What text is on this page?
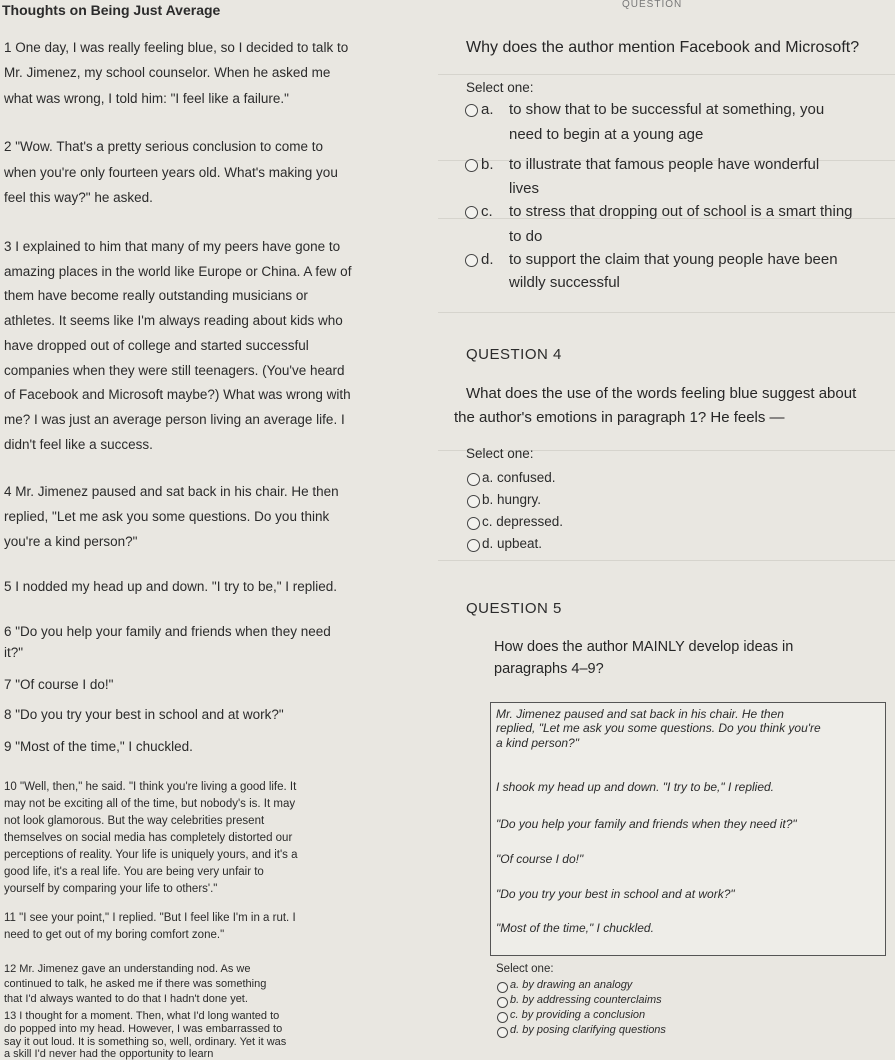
Thoughts on Being Just Average	QUESTION
1 One day, I was really feeling blue, so I decided to talk to
Mr. Jimenez, my school counselor. When he asked me
what was wrong, I told him: "I feel like a failure."
2 "Wow. That's a pretty serious conclusion to come to
when you're only fourteen years old. What's making you
feel this way?" he asked.
3 I explained to him that many of my peers have gone to
amazing places in the world like Europe or China. A few of
them have become really outstanding musicians or
athletes. It seems like I'm always reading about kids who
have dropped out of college and started successful
companies when they were still teenagers. (You've heard
of Facebook and Microsoft maybe?) What was wrong with
me? I was just an average person living an average life. I
didn't feel like a success.
4 Mr. Jimenez paused and sat back in his chair. He then
replied, "Let me ask you some questions. Do you think
you're a kind person?"
5 I nodded my head up and down. "I try to be," I replied.
6 "Do you help your family and friends when they need
it?"
7 "Of course I do!"
8 "Do you try your best in school and at work?"
9 "Most of the time," I chuckled.
10 "Well, then," he said. "I think you're living a good life. It
may not be exciting all of the time, but nobody's is. It may
not look glamorous. But the way celebrities present
themselves on social media has completely distorted our
perceptions of reality. Your life is uniquely yours, and it's a
good life, it's a real life. You are being very unfair to
yourself by comparing your life to others'."
11 "I see your point," I replied. "But I feel like I'm in a rut. I
need to get out of my boring comfort zone."
12 Mr. Jimenez gave an understanding nod. As we
continued to talk, he asked me if there was something
that I'd always wanted to do that I hadn't done yet.
13 I thought for a moment. Then, what I'd long wanted to
do popped into my head. However, I was embarrassed to
say it out loud. It is something so, well, ordinary. Yet it was
a skill I'd never had the opportunity to learn
Why does the author mention Facebook and Microsoft?
Select one:
a. to show that to be successful at something, you
need to begin at a young age
b. to illustrate that famous people have wonderful
lives
c. to stress that dropping out of school is a smart thing
to do
d. to support the claim that young people have been
wildly successful
QUESTION 4
What does the use of the words feeling blue suggest about
the author's emotions in paragraph 1? He feels —
Select one:
a. confused.
b. hungry.
c. depressed.
d. upbeat.
QUESTION 5
How does the author MAINLY develop ideas in
paragraphs 4–9?
Mr. Jimenez paused and sat back in his chair. He then
replied, "Let me ask you some questions. Do you think you're
a kind person?"
I shook my head up and down. "I try to be," I replied.
"Do you help your family and friends when they need it?"
"Of course I do!"
"Do you try your best in school and at work?"
"Most of the time," I chuckled.
Select one:
a. by drawing an analogy
b. by addressing counterclaims
c. by providing a conclusion
d. by posing clarifying questions
